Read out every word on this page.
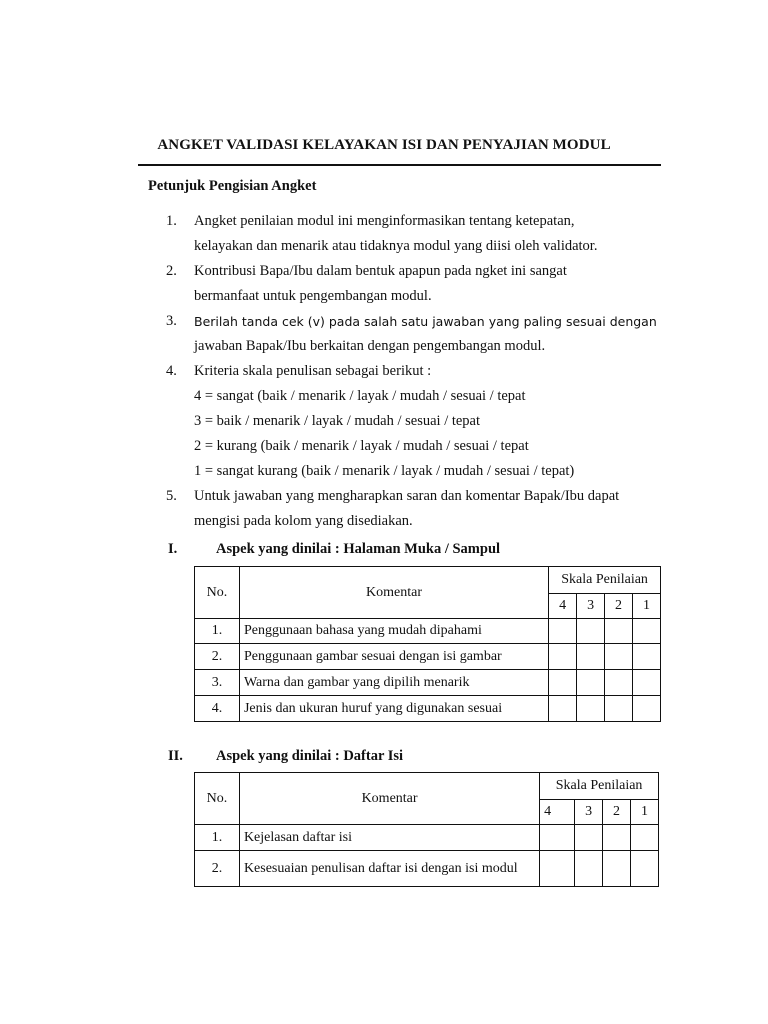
ANGKET VALIDASI KELAYAKAN ISI DAN PENYAJIAN MODUL
Petunjuk Pengisian Angket
1.	Angket penilaian modul ini menginformasikan tentang ketepatan,
kelayakan dan menarik atau tidaknya modul yang diisi oleh validator.
2.	Kontribusi Bapa/Ibu dalam bentuk apapun pada ngket ini sangat
bermanfaat untuk pengembangan modul.
3.	Berilah tanda cek (v) pada salah satu jawaban yang paling sesuai dengan
jawaban Bapak/Ibu berkaitan dengan pengembangan modul.
4.	Kriteria skala penulisan sebagai berikut :
4 = sangat (baik / menarik / layak / mudah / sesuai / tepat
3 = baik / menarik / layak / mudah / sesuai / tepat
2 = kurang (baik / menarik / layak / mudah / sesuai / tepat
1 = sangat kurang (baik / menarik / layak / mudah / sesuai / tepat)
5.	Untuk jawaban yang mengharapkan saran dan komentar Bapak/Ibu dapat
mengisi pada kolom yang disediakan.
I.	Aspek yang dinilai : Halaman Muka / Sampul
No.	Komentar	Skala Penilaian			
		4	3	2	1
1.	Penggunaan bahasa yang mudah dipahami				
2.	Penggunaan gambar sesuai dengan isi gambar				
3.	Warna dan gambar yang dipilih menarik				
4.	Jenis dan ukuran huruf yang digunakan sesuai				
II. Aspek yang dinilai : Daftar Isi
No.	Komentar	Skala Penilaian			
		4	3	2	1
1.	Kejelasan daftar isi				
2.	Kesesuaian penulisan daftar isi dengan isi modul				
